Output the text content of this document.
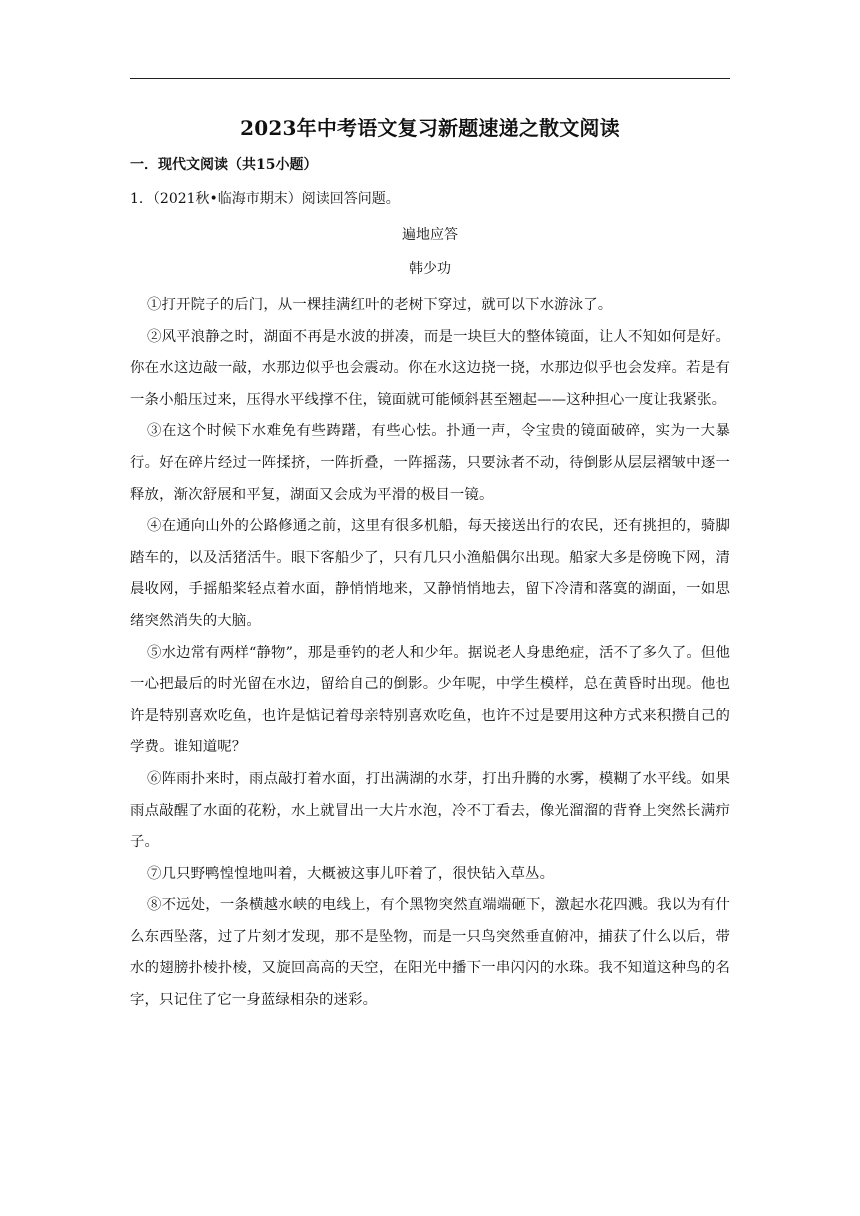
2023年中考语文复习新题速递之散文阅读
一．现代文阅读（共15小题）
1．（2021秋•临海市期末）阅读回答问题。
遍地应答
韩少功

①打开院子的后门，从一棵挂满红叶的老树下穿过，就可以下水游泳了。

②风平浪静之时，湖面不再是水波的拼凑，而是一块巨大的整体镜面，让人不知如何是好。你在水这边敲一敲，水那边似乎也会震动。你在水这边挠一挠，水那边似乎也会发痒。若是有一条小船压过来，压得水平线撑不住，镜面就可能倾斜甚至翘起——这种担心一度让我紧张。

③在这个时候下水难免有些踌躇，有些心怯。扑通一声，令宝贵的镜面破碎，实为一大暴行。好在碎片经过一阵揉挤，一阵折叠，一阵摇荡，只要泳者不动，待倒影从层层褶皱中逐一释放，渐次舒展和平复，湖面又会成为平滑的极目一镜。

④在通向山外的公路修通之前，这里有很多机船，每天接送出行的农民，还有挑担的，骑脚踏车的，以及活猪活牛。眼下客船少了，只有几只小渔船偶尔出现。船家大多是傍晚下网，清晨收网，手摇船桨轻点着水面，静悄悄地来，又静悄悄地去，留下冷清和落寞的湖面，一如思绪突然消失的大脑。

⑤水边常有两样“静物”，那是垂钓的老人和少年。据说老人身患绝症，活不了多久了。但他一心把最后的时光留在水边，留给自己的倒影。少年呢，中学生模样，总在黄昏时出现。他也许是特别喜欢吃鱼，也许是惦记着母亲特别喜欢吃鱼，也许不过是要用这种方式来积攒自己的学费。谁知道呢？

⑥阵雨扑来时，雨点敲打着水面，打出满湖的水芽，打出升腾的水雾，模糊了水平线。如果雨点敲醒了水面的花粉，水上就冒出一大片水泡，冷不丁看去，像光溜溜的背脊上突然长满疖子。

⑦几只野鸭惶惶地叫着，大概被这事儿吓着了，很快钻入草丛。

⑧不远处，一条横越水峡的电线上，有个黑物突然直端端砸下，激起水花四溅。我以为有什么东西坠落，过了片刻才发现，那不是坠物，而是一只鸟突然垂直俯冲，捕获了什么以后，带水的翅膀扑棱扑棱，又旋回高高的天空，在阳光中播下一串闪闪的水珠。我不知道这种鸟的名字，只记住了它一身蓝绿相杂的迷彩。
